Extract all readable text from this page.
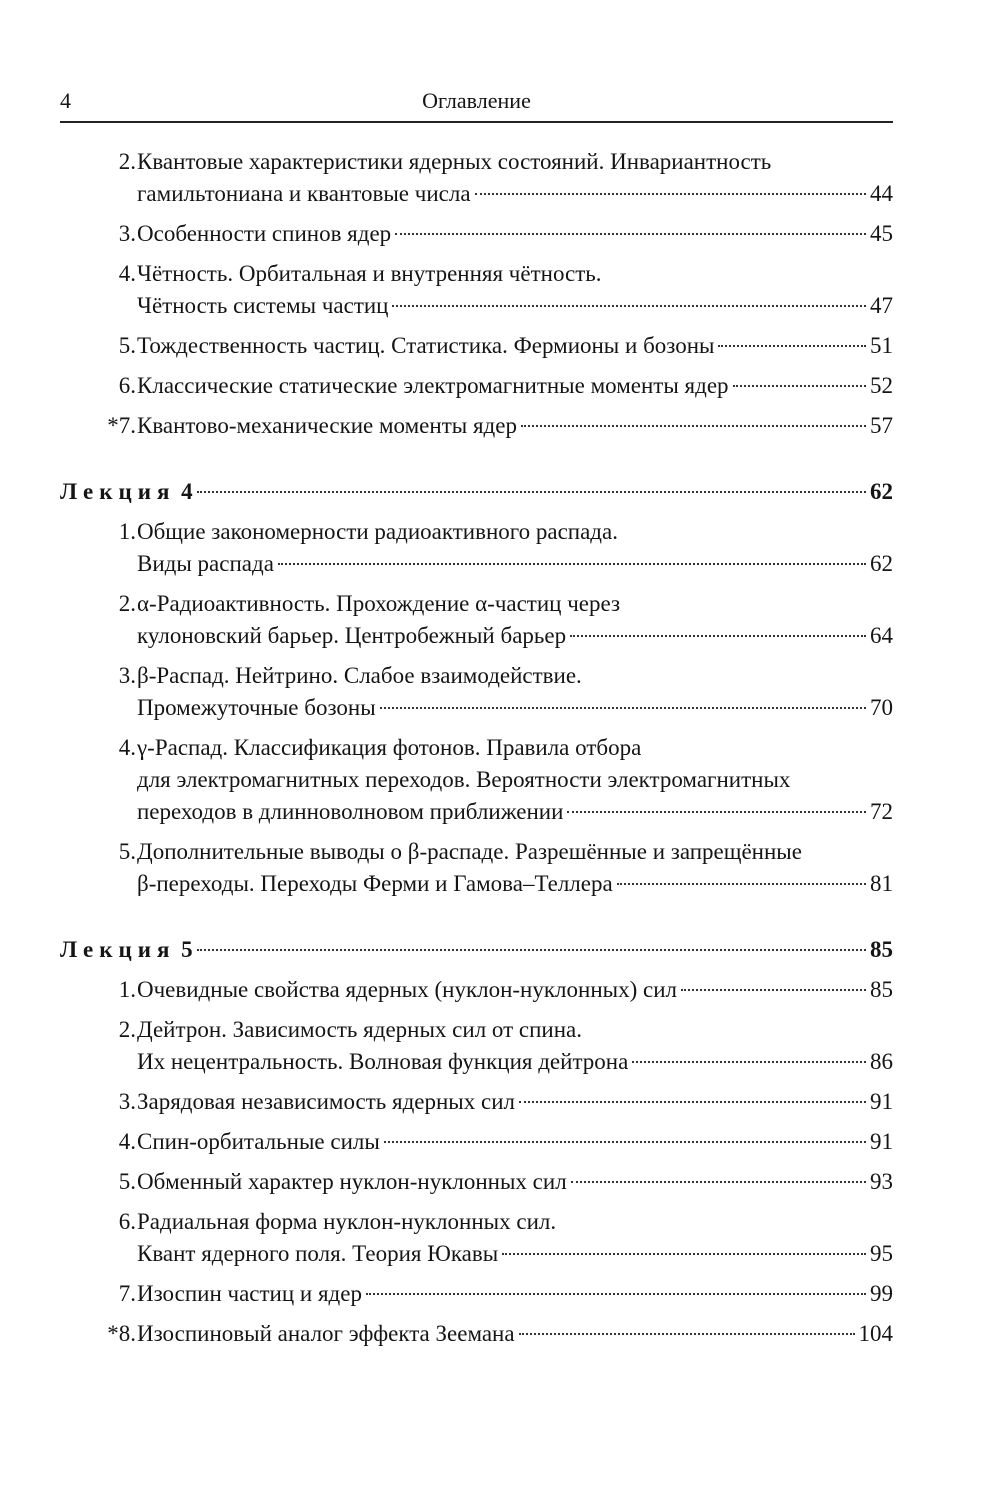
4	Оглавление
2. Квантовые характеристики ядерных состояний. Инвариантность
гамильтониана и квантовые числа	44
3. Особенности спинов ядер	45
4. Чётность. Орбитальная и внутренняя чётность.
Чётность системы частиц	47
5. Тождественность частиц. Статистика. Фермионы и бозоны	51
6. Классические статические электромагнитные моменты ядер	52
*7. Квантово-механические моменты ядер	57
Лекция 4	62
1. Общие закономерности радиоактивного распада.
Виды распада	62
2. α-Радиоактивность. Прохождение α-частиц через
кулоновский барьер. Центробежный барьер	64
3. β-Распад. Нейтрино. Слабое взаимодействие.
Промежуточные бозоны	70
4. γ-Распад. Классификация фотонов. Правила отбора
для электромагнитных переходов. Вероятности электромагнитных
переходов в длинноволновом приближении	72
5. Дополнительные выводы о β-распаде. Разрешённые и запрещённые
β-переходы. Переходы Ферми и Гамова–Теллера	81
Лекция 5	85
1. Очевидные свойства ядерных (нуклон-нуклонных) сил	85
2. Дейтрон. Зависимость ядерных сил от спина.
Их нецентральность. Волновая функция дейтрона	86
3. Зарядовая независимость ядерных сил	91
4. Спин-орбитальные силы	91
5. Обменный характер нуклон-нуклонных сил	93
6. Радиальная форма нуклон-нуклонных сил.
Квант ядерного поля. Теория Юкавы	95
7. Изоспин частиц и ядер	99
*8. Изоспиновый аналог эффекта Зеемана	104
